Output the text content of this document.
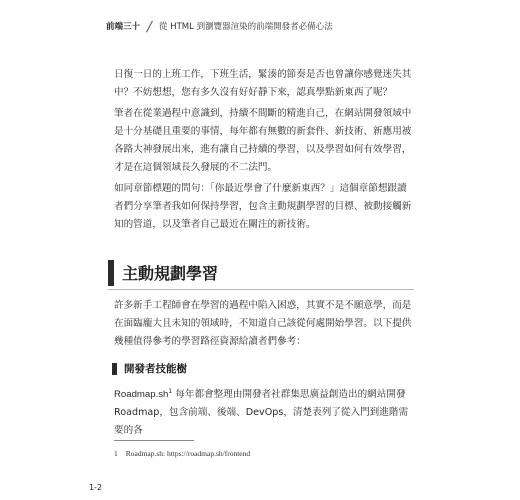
前端三十 從 HTML 到瀏覽器渲染的前端開發者必備心法

日復一日的上班工作，下班生活，緊湊的節奏是否也曾讓你感覺迷失其中？不妨想想，您有多久沒有好好靜下來，認真學點新東西了呢？

筆者在從業過程中意識到，持續不間斷的精進自己，在網站開發領域中是十分基礎且重要的事情，每年都有無數的新套件、新技術、新應用被各路大神發展出來，進有讓自己持續的學習，以及學習如何有效學習，才是在這個領域長久發展的不二法門。

如同章節標題的問句：「你最近學會了什麼新東西？」這個章節想跟讀者們分享筆者我如何保持學習，包含主動規劃學習的目標、被動接觸新知的管道，以及筆者自己最近在關注的新技術。

主動規劃學習

許多新手工程師會在學習的過程中陷入困惑，其實不是不願意學，而是在面臨龐大且未知的領域時，不知道自己該從何處開始學習。以下提供幾種值得參考的學習路徑資源給讀者們參考：

開發者技能樹

$Roadmap.sh^1$ 每年都會整理由開發者社群集思廣益創造出的網站開發
Roadmap，包含前端、後端、DevOps，清楚表列了從入門到進階需要的各

1 Roadmap.sh: https://roadmap.sh/frontend
1-2
